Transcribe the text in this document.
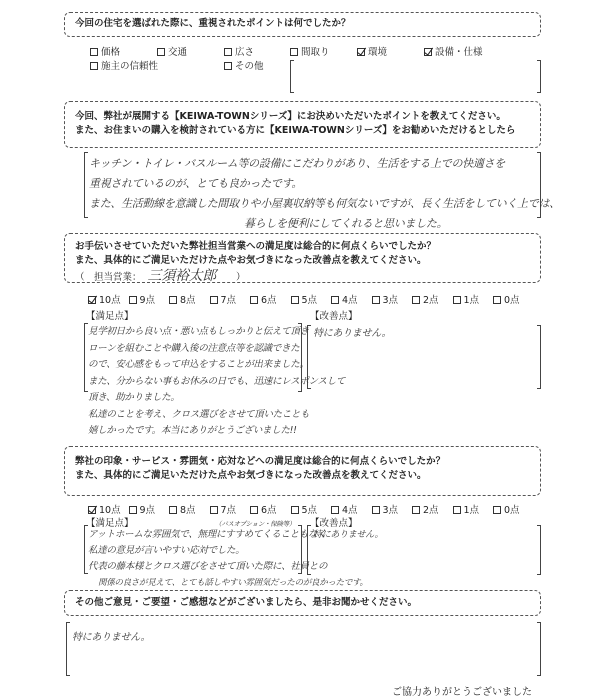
今回の住宅を選ばれた際に、重視されたポイントは何でしたか？
価格	交通	広さ	間取り	環境	設備・仕様
施主の信頼性	その他
今回、弊社が展開する【KEIWA-TOWNシリーズ】にお決めいただいたポイントを教えてください。
また、お住まいの購入を検討されている方に【KEIWA-TOWNシリーズ】をお勧めいただけるとしたら
キッチン・トイレ・バスルーム等の設備にこだわりがあり、生活をする上での快適さを
重視されているのが、とても良かったです。
また、生活動線を意識した間取りや小屋裏収納等も何気ないですが、長く生活をしていく上では、
暮らしを便利にしてくれると思いました。
お手伝いさせていただいた弊社担当営業への満足度は総合的に何点くらいでしたか？
また、具体的にご満足いただけた点やお気づきになった改善点を教えてください。
（　担当営業： 三須裕太郎 ）
10点	9点	8点	7点	6点	5点	4点	3点	2点	1点	0点
【満足点】	【改善点】
見学初日から良い点・悪い点もしっかりと伝えて頂き
ローンを組むことや購入後の注意点等を認識できた
ので、安心感をもって申込をすることが出来ました。
また、分からない事もお休みの日でも、迅速にレスポンスして
頂き、助かりました。
私達のことを考え、クロス選びをさせて頂いたことも
嬉しかったです。本当にありがとうございました!!
特にありません。
弊社の印象・サービス・雰囲気・応対などへの満足度は総合的に何点くらいでしたか？
また、具体的にご満足いただけた点やお気づきになった改善点を教えてください。
10点	9点	8点	7点	6点	5点	4点	3点	2点	1点	0点
【満足点】	【改善点】
（バスオプション・保険等）
アットホームな雰囲気で、無理にすすめてくることもなく
私達の意見が言いやすい応対でした。
代表の藤本様とクロス選びをさせて頂いた際に、社員との
関係の良さが見えて、とても話しやすい雰囲気だったのが良かったです。
特にありません。
その他ご意見・ご要望・ご感想などがございましたら、是非お聞かせください。
特にありません。
ご協力ありがとうございました
